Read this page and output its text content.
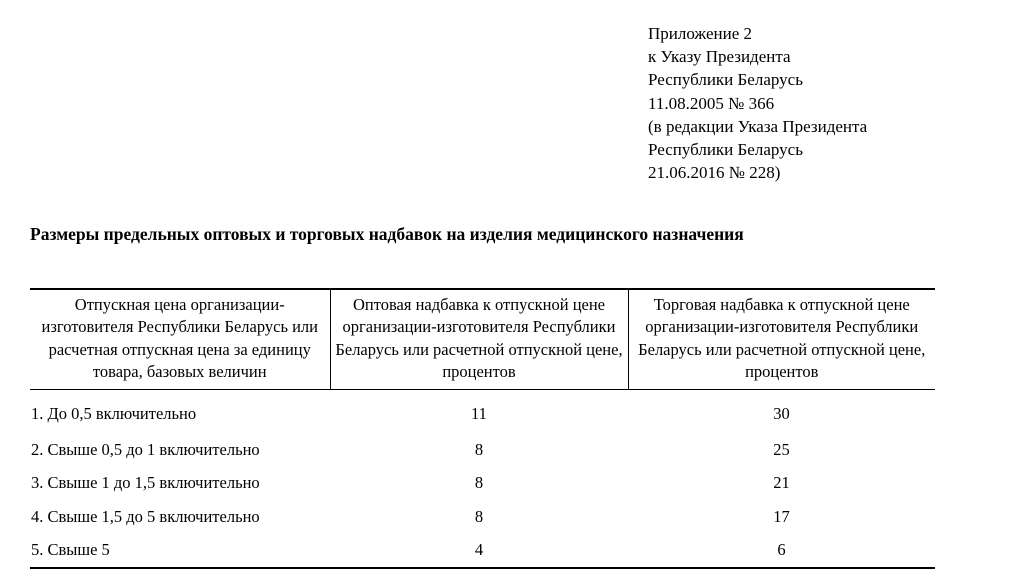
Приложение 2
к Указу Президента
Республики Беларусь
11.08.2005 № 366
(в редакции Указа Президента
Республики Беларусь
21.06.2016 № 228)
Размеры предельных оптовых и торговых надбавок на изделия медицинского назначения
Отпускная цена организации-изготовителя Республики Беларусь или расчетная отпускная цена за единицу товара, базовых величин	Оптовая надбавка к отпускной цене организации-изготовителя Республики Беларусь или расчетной отпускной цене, процентов	Торговая надбавка к отпускной цене организации-изготовителя Республики Беларусь или расчетной отпускной цене, процентов
1. До 0,5 включительно	11	30
2. Свыше 0,5 до 1 включительно	8	25
3. Свыше 1 до 1,5 включительно	8	21
4. Свыше 1,5 до 5 включительно	8	17
5. Свыше 5	4	6
